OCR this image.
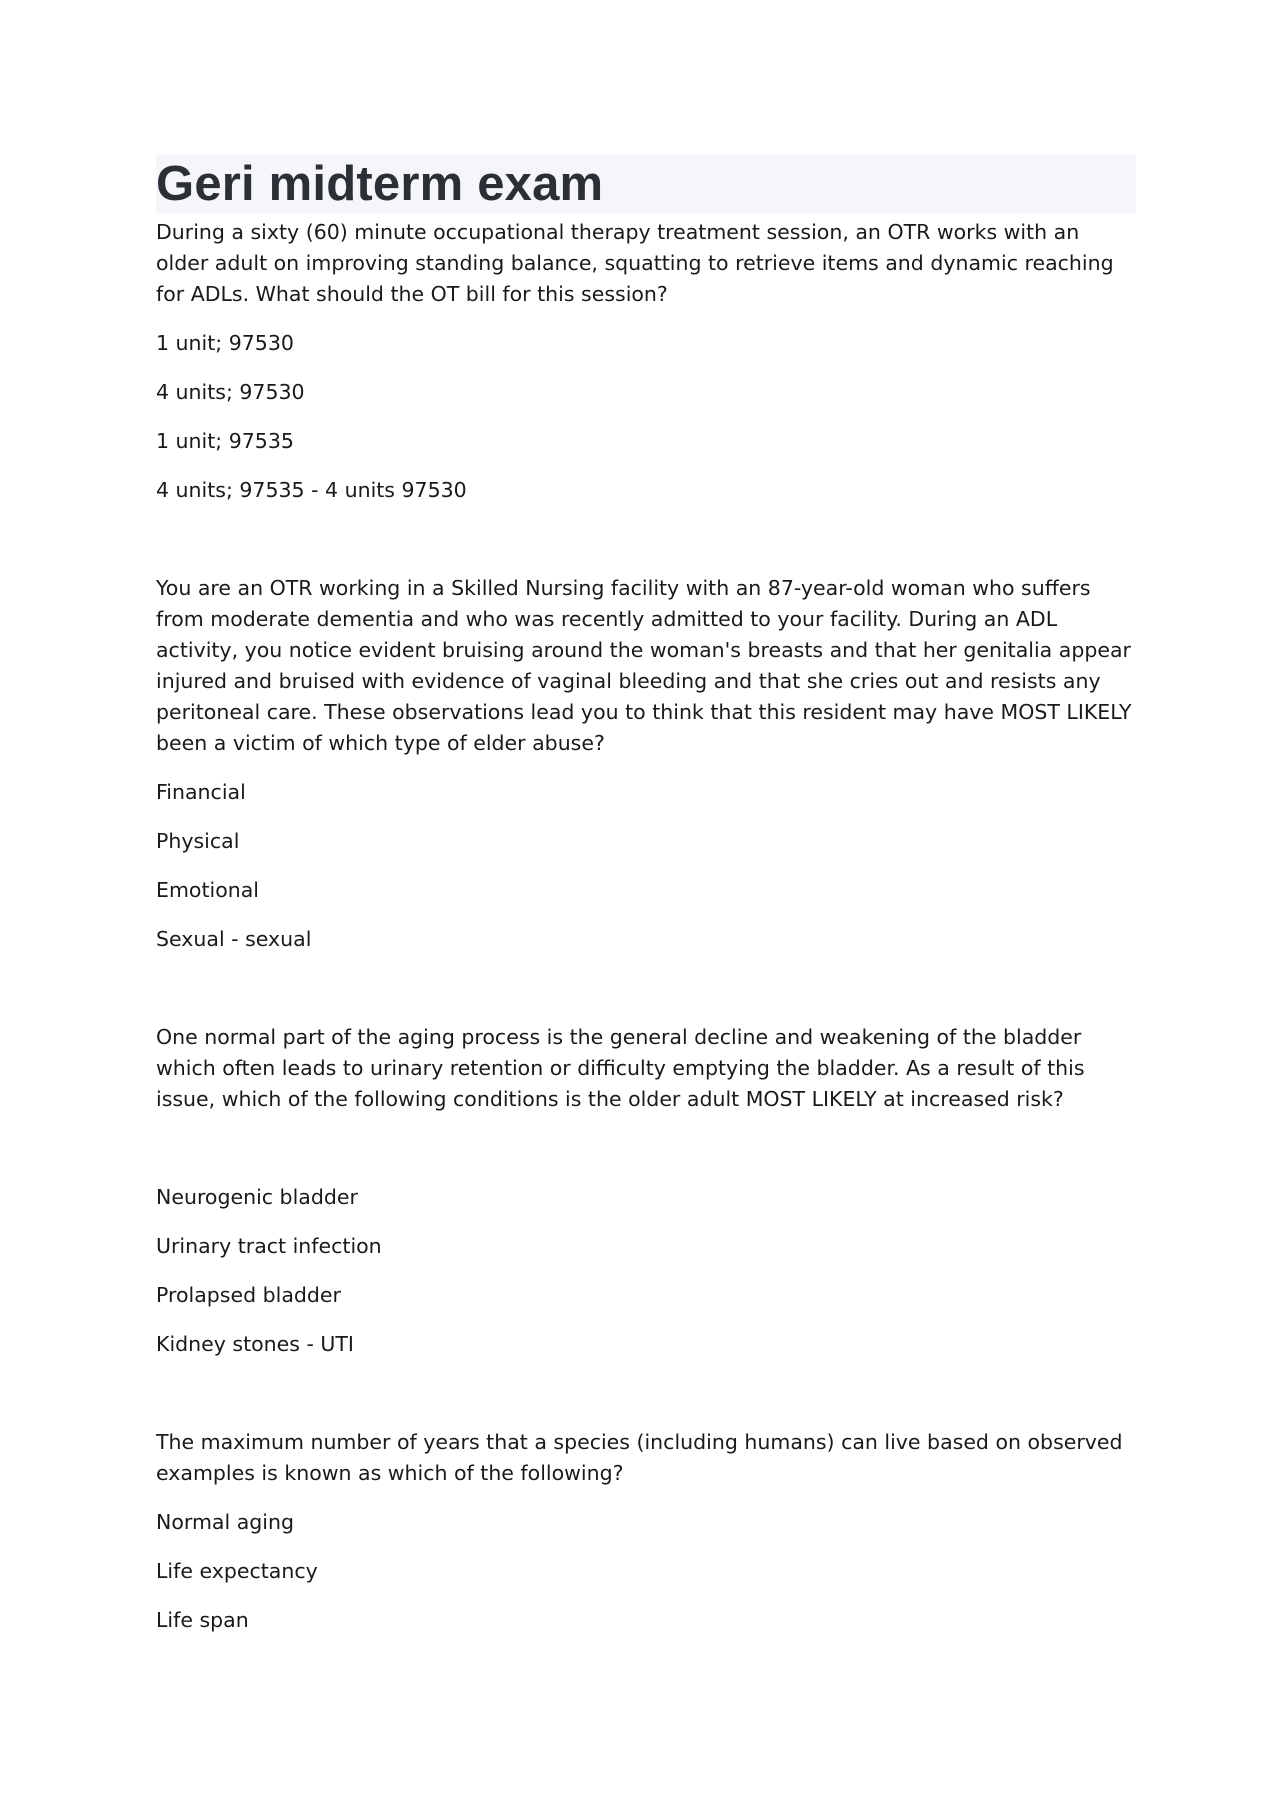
Geri midterm exam

During a sixty (60) minute occupational therapy treatment session, an OTR works with an older adult on improving standing balance, squatting to retrieve items and dynamic reaching for ADLs. What should the OT bill for this session?

1 unit; 97530

4 units; 97530

1 unit; 97535

4 units; 97535 - 4 units 97530

You are an OTR working in a Skilled Nursing facility with an 87-year-old woman who suffers from moderate dementia and who was recently admitted to your facility. During an ADL activity, you notice evident bruising around the woman's breasts and that her genitalia appear injured and bruised with evidence of vaginal bleeding and that she cries out and resists any peritoneal care. These observations lead you to think that this resident may have MOST LIKELY been a victim of which type of elder abuse?

Financial

Physical

Emotional

Sexual - sexual

One normal part of the aging process is the general decline and weakening of the bladder which often leads to urinary retention or difficulty emptying the bladder. As a result of this issue, which of the following conditions is the older adult MOST LIKELY at increased risk?

Neurogenic bladder

Urinary tract infection

Prolapsed bladder

Kidney stones - UTI

The maximum number of years that a species (including humans) can live based on observed examples is known as which of the following?

Normal aging

Life expectancy

Life span
